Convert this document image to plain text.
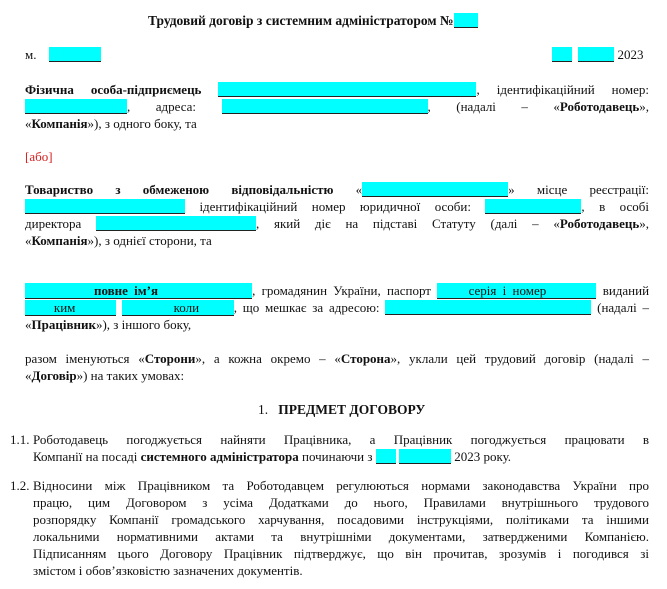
Трудовий договір з системним адміністратором №
м.	2023
Фізична особа-підприємець	, ідентифікаційний номер:
, адреса:	, (надалі – «Роботодавець»,
«Компанія»), з одного боку, та
[або]
Товариство з обмеженою відповідальністю «	» місце реєстрації:
ідентифікаційний номер юридичної особи:	, в особі
директора	, який діє на підставі Статуту (далі – «Роботодавець»,
«Компанія»), з однієї сторони, та
повне ім’я	, громадянин України, паспорт	серія і номер	виданий
ким	коли	, що мешкає за адресою:	(надалі –
«Працівник»), з іншого боку,
разом іменуються «Сторони», а кожна окремо – «Сторона», уклали цей трудовий договір (надалі –
«Договір») на таких умовах:
1. ПРЕДМЕТ ДОГОВОРУ
1.1. Роботодавець погоджується найняти Працівника, а Працівник погоджується працювати в
Компанії на посаді системного адміністратора починаючи з	2023 року.
1.2. Відносини між Працівником та Роботодавцем регулюються нормами законодавства України про
працю, цим Договором з усіма Додатками до нього, Правилами внутрішнього трудового
розпорядку Компанії громадського харчування, посадовими інструкціями, політиками та іншими
локальними нормативними актами та внутрішніми документами, затвердженими Компанією.
Підписанням цього Договору Працівник підтверджує, що він прочитав, зрозумів і погодився зі
змістом і обов’язковістю зазначених документів.
